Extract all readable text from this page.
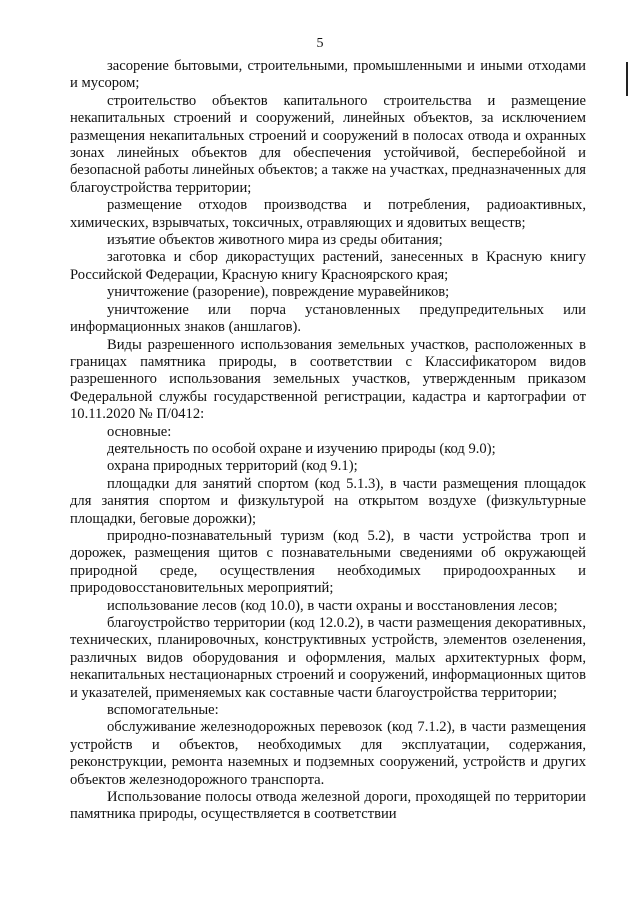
5

засорение бытовыми, строительными, промышленными и иными отходами и мусором;

строительство объектов капитального строительства и размещение некапитальных строений и сооружений, линейных объектов, за исключением размещения некапитальных строений и сооружений в полосах отвода и охранных зонах линейных объектов для обеспечения устойчивой, бесперебойной и безопасной работы линейных объектов; а также на участках, предназначенных для благоустройства территории;

размещение отходов производства и потребления, радиоактивных, химических, взрывчатых, токсичных, отравляющих и ядовитых веществ;

изъятие объектов животного мира из среды обитания;

заготовка и сбор дикорастущих растений, занесенных в Красную книгу Российской Федерации, Красную книгу Красноярского края;

уничтожение (разорение), повреждение муравейников;

уничтожение или порча установленных предупредительных или информационных знаков (аншлагов).

Виды разрешенного использования земельных участков, расположенных в границах памятника природы, в соответствии с Классификатором видов разрешенного использования земельных участков, утвержденным приказом Федеральной службы государственной регистрации, кадастра и картографии от 10.11.2020 № П/0412:

основные:

деятельность по особой охране и изучению природы (код 9.0);

охрана природных территорий (код 9.1);

площадки для занятий спортом (код 5.1.3), в части размещения площадок для занятия спортом и физкультурой на открытом воздухе (физкультурные площадки, беговые дорожки);

природно-познавательный туризм (код 5.2), в части устройства троп и дорожек, размещения щитов с познавательными сведениями об окружающей природной среде, осуществления необходимых природоохранных и природовосстановительных мероприятий;

использование лесов (код 10.0), в части охраны и восстановления лесов;

благоустройство территории (код 12.0.2), в части размещения декоративных, технических, планировочных, конструктивных устройств, элементов озеленения, различных видов оборудования и оформления, малых архитектурных форм, некапитальных нестационарных строений и сооружений, информационных щитов и указателей, применяемых как составные части благоустройства территории;

вспомогательные:

обслуживание железнодорожных перевозок (код 7.1.2), в части размещения устройств и объектов, необходимых для эксплуатации, содержания, реконструкции, ремонта наземных и подземных сооружений, устройств и других объектов железнодорожного транспорта.

Использование полосы отвода железной дороги, проходящей по территории памятника природы, осуществляется в соответствии
